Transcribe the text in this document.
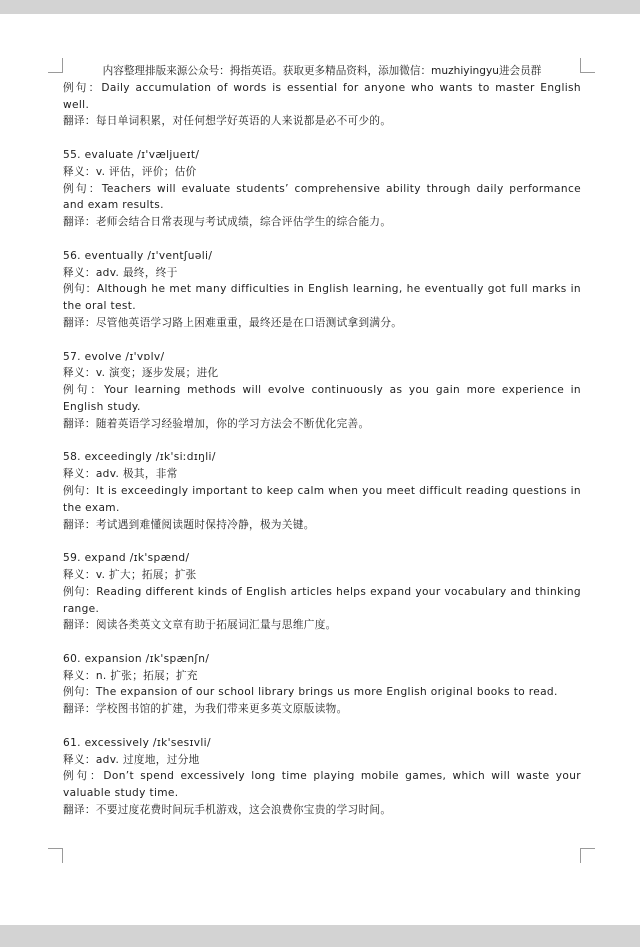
内容整理排版来源公众号：拇指英语。获取更多精品资料，添加微信：muzhiyingyu进会员群

例句：Daily accumulation of words is essential for anyone who wants to master English well.

翻译：每日单词积累，对任何想学好英语的人来说都是必不可少的。

55. evaluate /ɪ'væljueɪt/

释义：v. 评估，评价；估价

例句：Teachers will evaluate students’ comprehensive ability through daily performance and exam results.

翻译：老师会结合日常表现与考试成绩，综合评估学生的综合能力。

56. eventually /ɪ'ventʃuəli/

释义：adv. 最终，终于

例句：Although he met many difficulties in English learning, he eventually got full marks in the oral test.

翻译：尽管他英语学习路上困难重重，最终还是在口语测试拿到满分。

57. evolve /ɪ'vɒlv/

释义：v. 演变；逐步发展；进化

例句：Your learning methods will evolve continuously as you gain more experience in English study.

翻译：随着英语学习经验增加，你的学习方法会不断优化完善。

58. exceedingly /ɪk'siːdɪŋli/

释义：adv. 极其，非常

例句：It is exceedingly important to keep calm when you meet difficult reading questions in the exam.

翻译：考试遇到难懂阅读题时保持冷静，极为关键。

59. expand /ɪk'spænd/

释义：v. 扩大；拓展；扩张

例句：Reading different kinds of English articles helps expand your vocabulary and thinking range.

翻译：阅读各类英文文章有助于拓展词汇量与思维广度。

60. expansion /ɪk'spænʃn/

释义：n. 扩张；拓展；扩充

例句：The expansion of our school library brings us more English original books to read.

翻译：学校图书馆的扩建，为我们带来更多英文原版读物。

61. excessively /ɪk'sesɪvli/

释义：adv. 过度地，过分地

例句：Don’t spend excessively long time playing mobile games, which will waste your valuable study time.

翻译：不要过度花费时间玩手机游戏，这会浪费你宝贵的学习时间。
